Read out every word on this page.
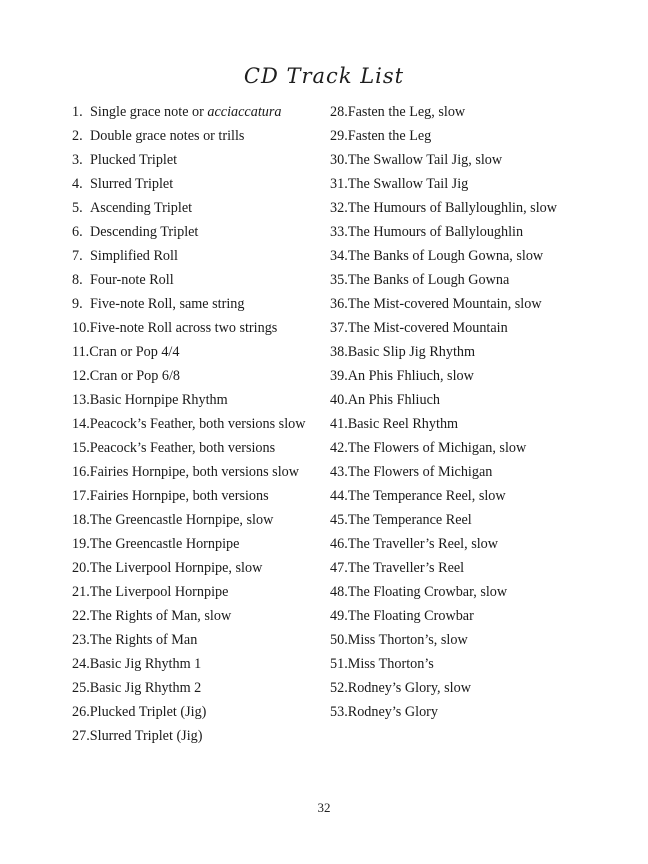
CD Track List
1. Single grace note or acciaccatura
2. Double grace notes or trills
3. Plucked Triplet
4. Slurred Triplet
5. Ascending Triplet
6. Descending Triplet
7. Simplified Roll
8. Four-note Roll
9. Five-note Roll, same string
10. Five-note Roll across two strings
11. Cran or Pop 4/4
12. Cran or Pop 6/8
13. Basic Hornpipe Rhythm
14. Peacock’s Feather, both versions slow
15. Peacock’s Feather, both versions
16. Fairies Hornpipe, both versions slow
17. Fairies Hornpipe, both versions
18. The Greencastle Hornpipe, slow
19. The Greencastle Hornpipe
20. The Liverpool Hornpipe, slow
21. The Liverpool Hornpipe
22. The Rights of Man, slow
23. The Rights of Man
24. Basic Jig Rhythm 1
25. Basic Jig Rhythm 2
26. Plucked Triplet (Jig)
27. Slurred Triplet (Jig)
28. Fasten the Leg, slow
29. Fasten the Leg
30. The Swallow Tail Jig, slow
31. The Swallow Tail Jig
32. The Humours of Ballyloughlin, slow
33. The Humours of Ballyloughlin
34. The Banks of Lough Gowna, slow
35. The Banks of Lough Gowna
36. The Mist-covered Mountain, slow
37. The Mist-covered Mountain
38. Basic Slip Jig Rhythm
39. An Phis Fhliuch, slow
40. An Phis Fhliuch
41. Basic Reel Rhythm
42. The Flowers of Michigan, slow
43. The Flowers of Michigan
44. The Temperance Reel, slow
45. The Temperance Reel
46. The Traveller’s Reel, slow
47. The Traveller’s Reel
48. The Floating Crowbar, slow
49. The Floating Crowbar
50. Miss Thorton’s, slow
51. Miss Thorton’s
52. Rodney’s Glory, slow
53. Rodney’s Glory
32
